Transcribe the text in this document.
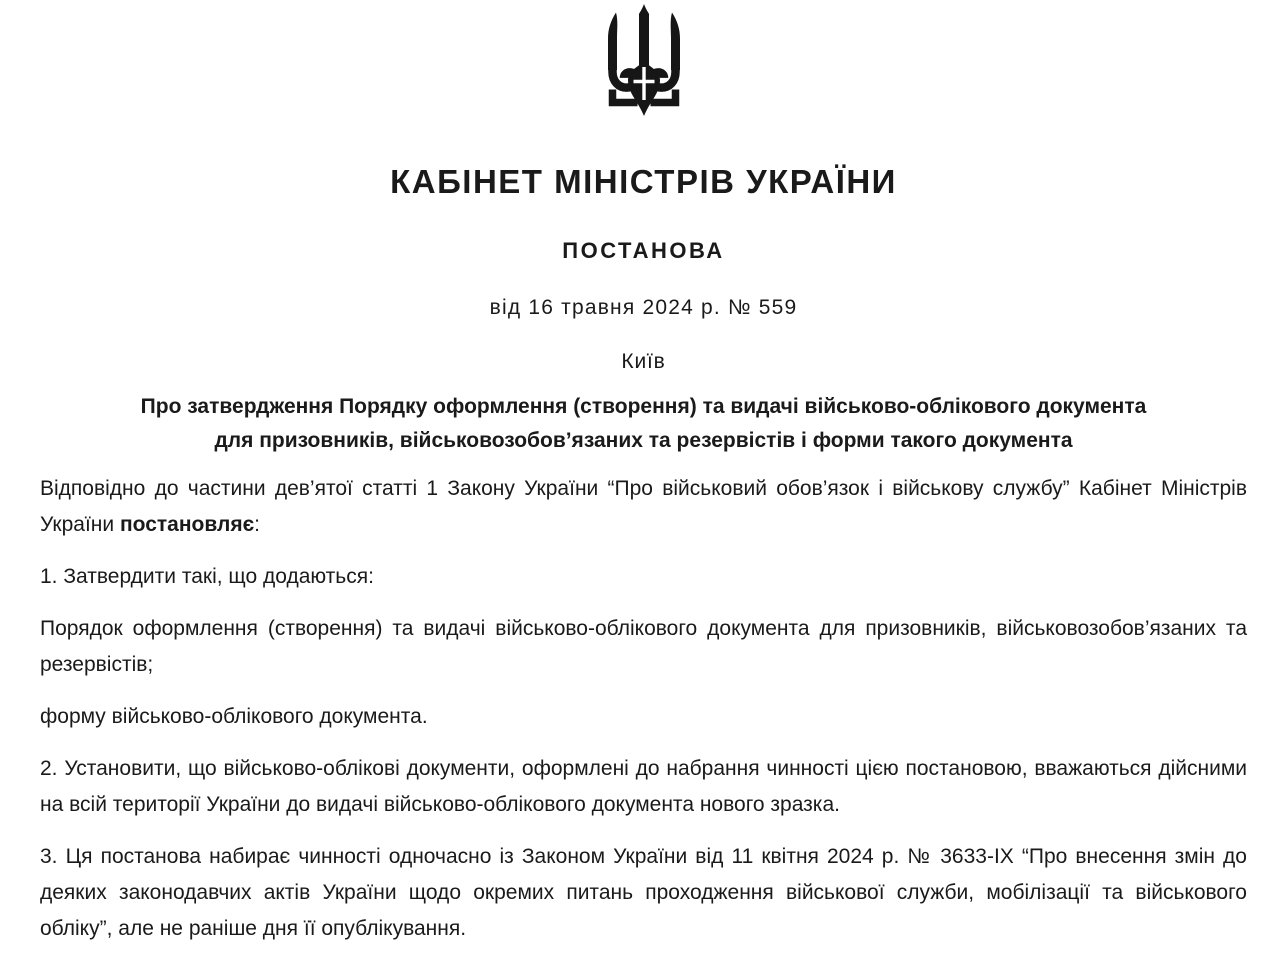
КАБІНЕТ МІНІСТРІВ УКРАЇНИ
ПОСТАНОВА
від 16 травня 2024 р. № 559
Київ
Про затвердження Порядку оформлення (створення) та видачі військово-облікового документа для призовників, військовозобов’язаних та резервістів і форми такого документа

Відповідно до частини дев’ятої статті 1 Закону України “Про військовий обов’язок і військову службу” Кабінет Міністрів України постановляє:

1. Затвердити такі, що додаються:

Порядок оформлення (створення) та видачі військово-облікового документа для призовників, військовозобов’язаних та резервістів;

форму військово-облікового документа.

2. Установити, що військово-облікові документи, оформлені до набрання чинності цією постановою, вважаються дійсними на всій території України до видачі військово-облікового документа нового зразка.

3. Ця постанова набирає чинності одночасно із Законом України від 11 квітня 2024 р. № 3633-IX “Про внесення змін до деяких законодавчих актів України щодо окремих питань проходження військової служби, мобілізації та військового обліку”, але не раніше дня її опублікування.
